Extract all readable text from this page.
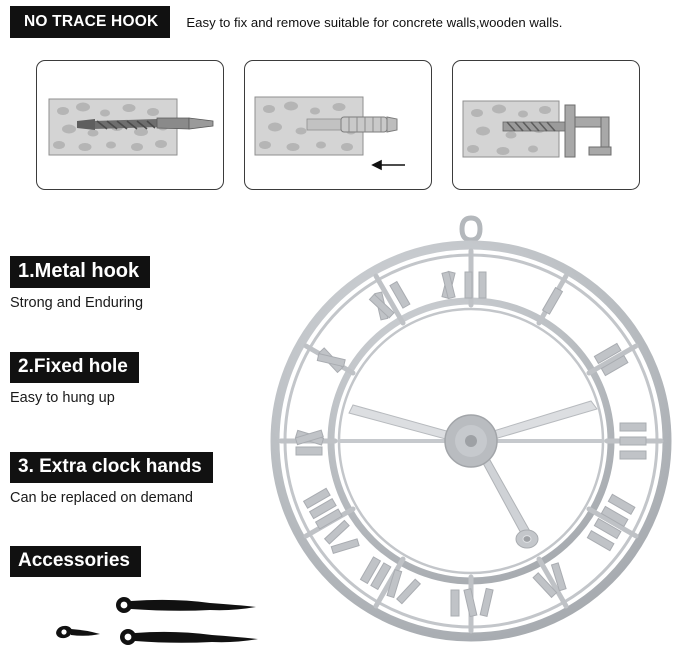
NO TRACE HOOK	Easy to fix and remove suitable for concrete walls,wooden walls.
1.Metal hook
Strong and Enduring
2.Fixed hole
Easy to hung up
3. Extra clock hands
Can be replaced on demand
Accessories
